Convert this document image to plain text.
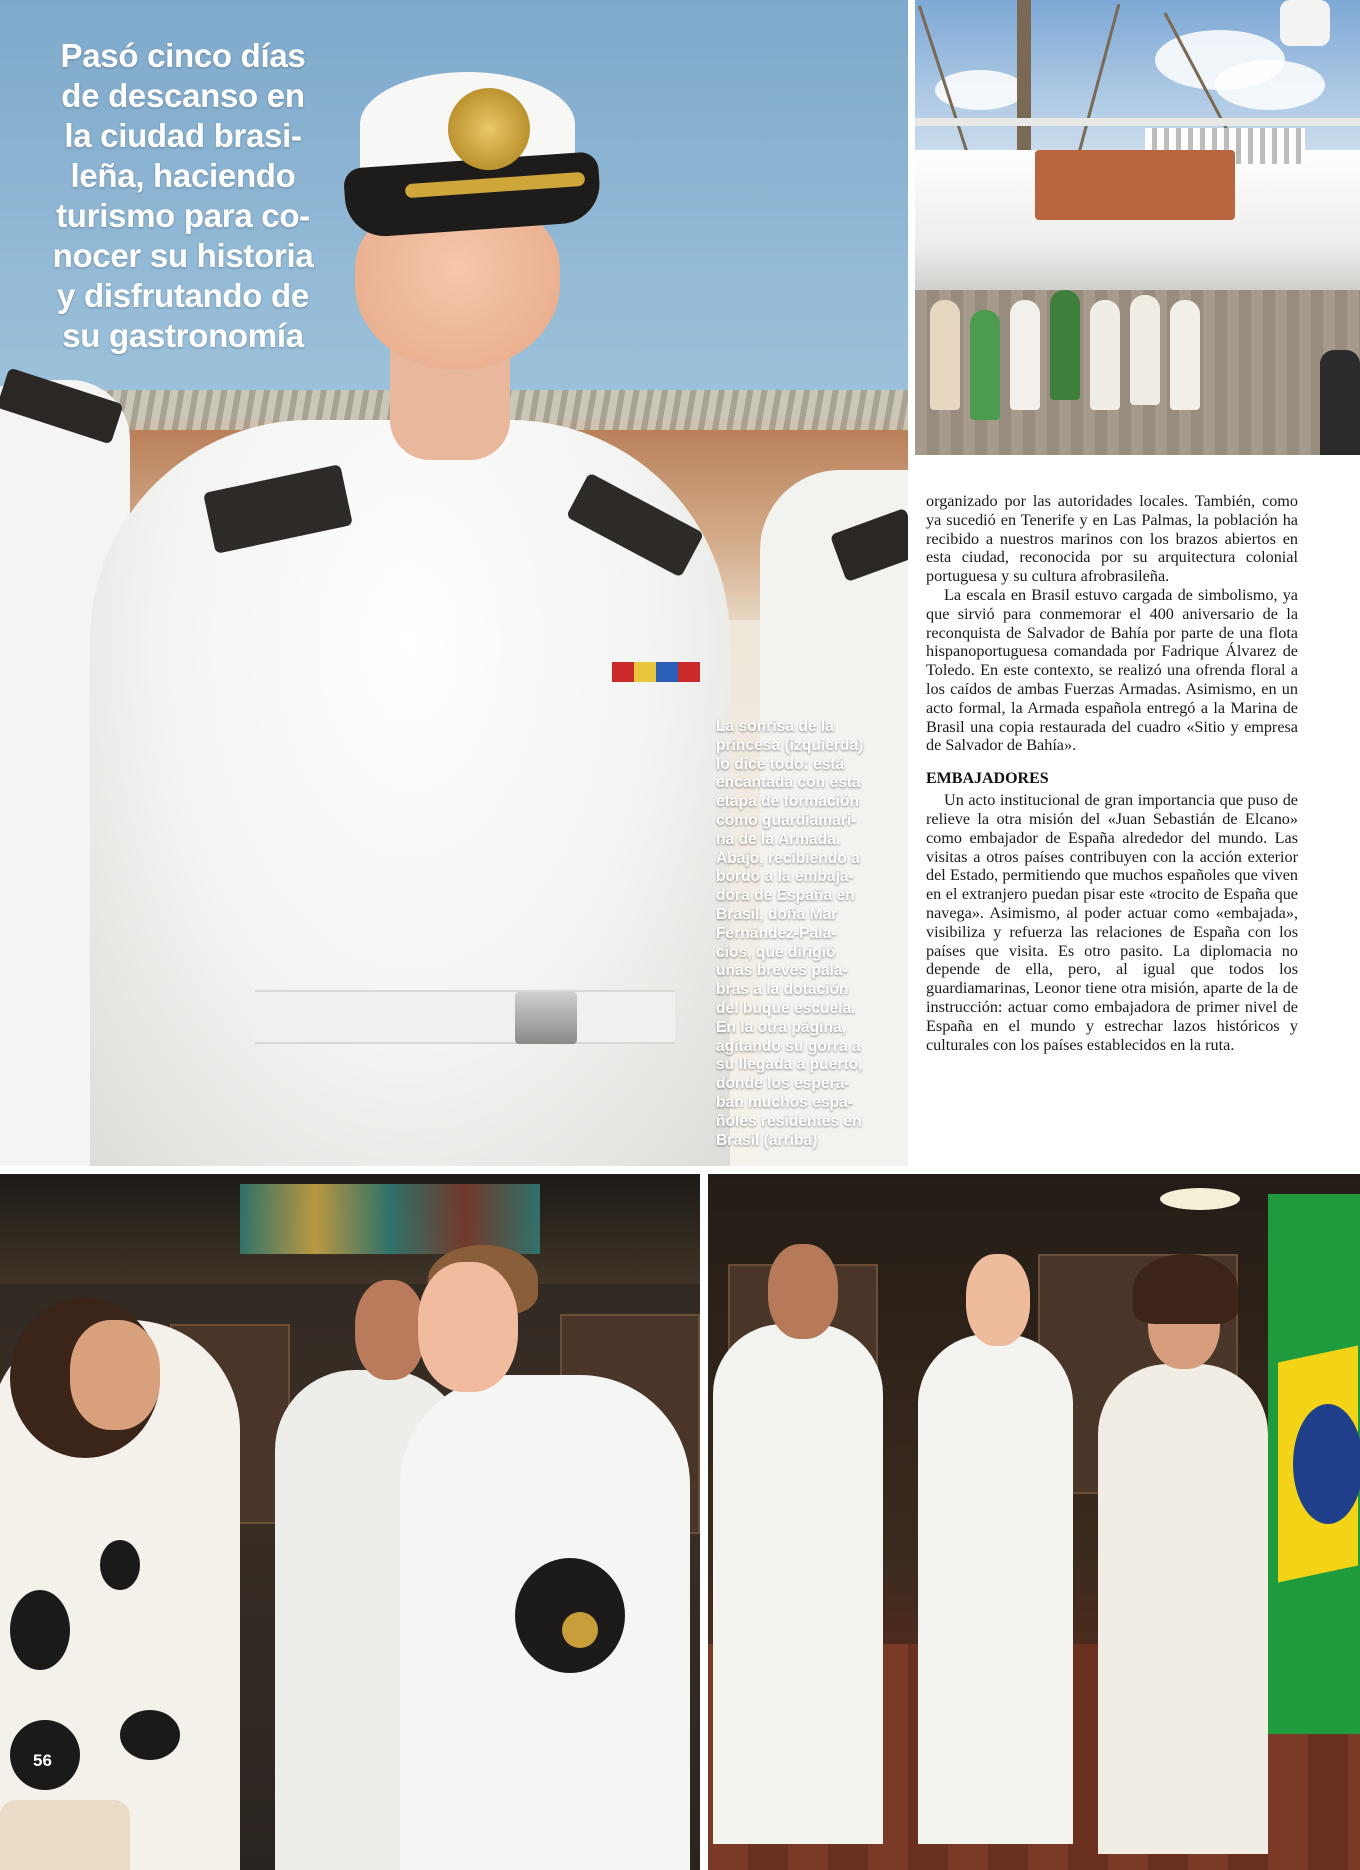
Pasó cinco días
de descanso en
la ciudad brasi-
leña, haciendo
turismo para co-
nocer su historia
y disfrutando de
su gastronomía
La sonrisa de la
princesa (izquierda)
lo dice todo: está
encantada con esta
etapa de formación
como guardiamari-
na de la Armada.
Abajo, recibiendo a
bordo a la embaja-
dora de España en
Brasil, doña Mar
Fernández-Pala-
cios, que dirigió
unas breves pala-
bras a la dotación
del buque escuela.
En la otra página,
agitando su gorra a
su llegada a puerto,
donde los espera-
ban muchos espa-
ñoles residentes en
Brasil (arriba)

organizado por las autoridades locales. También, como ya sucedió en Tenerife y en Las Palmas, la población ha recibido a nuestros marinos con los brazos abiertos en esta ciudad, reconocida por su arquitectura colonial portuguesa y su cultura afrobrasileña.

La escala en Brasil estuvo cargada de simbolismo, ya que sirvió para conmemorar el 400 aniversario de la reconquista de Salvador de Bahía por parte de una flota hispanoportuguesa comandada por Fadrique Álvarez de Toledo. En este contexto, se realizó una ofrenda floral a los caídos de ambas Fuerzas Armadas. Asimismo, en un acto formal, la Armada española entregó a la Marina de Brasil una copia restaurada del cuadro «Sitio y empresa de Salvador de Bahía».

EMBAJADORES

Un acto institucional de gran importancia que puso de relieve la otra misión del «Juan Sebastián de Elcano» como embajador de España alrededor del mundo. Las visitas a otros países contribuyen con la acción exterior del Estado, permitiendo que muchos españoles que viven en el extranjero puedan pisar este «trocito de España que navega». Asimismo, al poder actuar como «embajada», visibiliza y refuerza las relaciones de España con los países que visita. Es otro pasito. La diplomacia no depende de ella, pero, al igual que todos los guardiamarinas, Leonor tiene otra misión, aparte de la de instrucción: actuar como embajadora de primer nivel de España en el mundo y estrechar lazos históricos y culturales con los países establecidos en la ruta.

56
